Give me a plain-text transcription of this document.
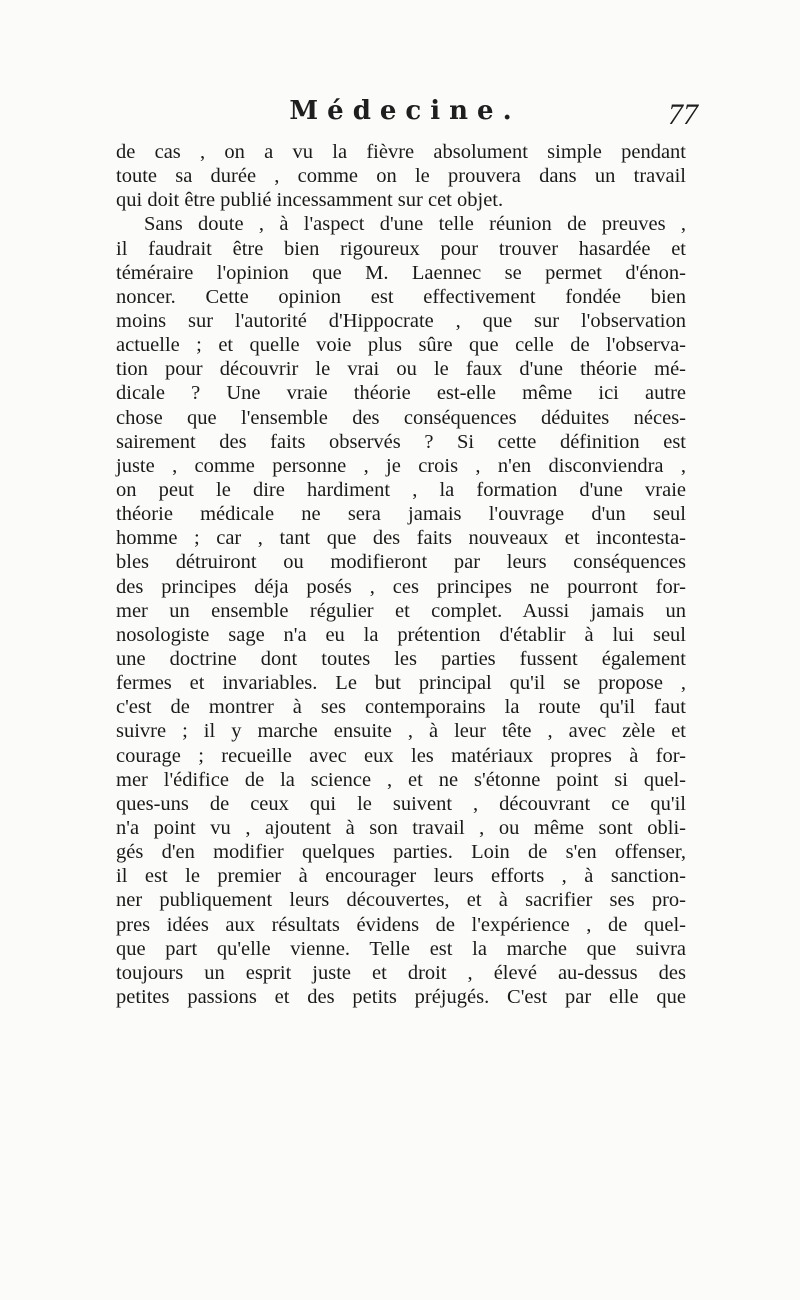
Médecine.	77
de cas , on a vu la fièvre absolument simple pendant
toute sa durée , comme on le prouvera dans un travail
qui doit être publié incessamment sur cet objet.
Sans doute , à l'aspect d'une telle réunion de preuves ,
il faudrait être bien rigoureux pour trouver hasardée et
téméraire l'opinion que M. Laennec se permet d'énon-
noncer. Cette opinion est effectivement fondée bien
moins sur l'autorité d'Hippocrate , que sur l'observation
actuelle ; et quelle voie plus sûre que celle de l'observa-
tion pour découvrir le vrai ou le faux d'une théorie mé-
dicale ? Une vraie théorie est-elle même ici autre
chose que l'ensemble des conséquences déduites néces-
sairement des faits observés ? Si cette définition est
juste , comme personne , je crois , n'en disconviendra ,
on peut le dire hardiment , la formation d'une vraie
théorie médicale ne sera jamais l'ouvrage d'un seul
homme ; car , tant que des faits nouveaux et incontesta-
bles détruiront ou modifieront par leurs conséquences
des principes déja posés , ces principes ne pourront for-
mer un ensemble régulier et complet. Aussi jamais un
nosologiste sage n'a eu la prétention d'établir à lui seul
une doctrine dont toutes les parties fussent également
fermes et invariables. Le but principal qu'il se propose ,
c'est de montrer à ses contemporains la route qu'il faut
suivre ; il y marche ensuite , à leur tête , avec zèle et
courage ; recueille avec eux les matériaux propres à for-
mer l'édifice de la science , et ne s'étonne point si quel-
ques-uns de ceux qui le suivent , découvrant ce qu'il
n'a point vu , ajoutent à son travail , ou même sont obli-
gés d'en modifier quelques parties. Loin de s'en offenser,
il est le premier à encourager leurs efforts , à sanction-
ner publiquement leurs découvertes, et à sacrifier ses pro-
pres idées aux résultats évidens de l'expérience , de quel-
que part qu'elle vienne. Telle est la marche que suivra
toujours un esprit juste et droit , élevé au-dessus des
petites passions et des petits préjugés. C'est par elle que
